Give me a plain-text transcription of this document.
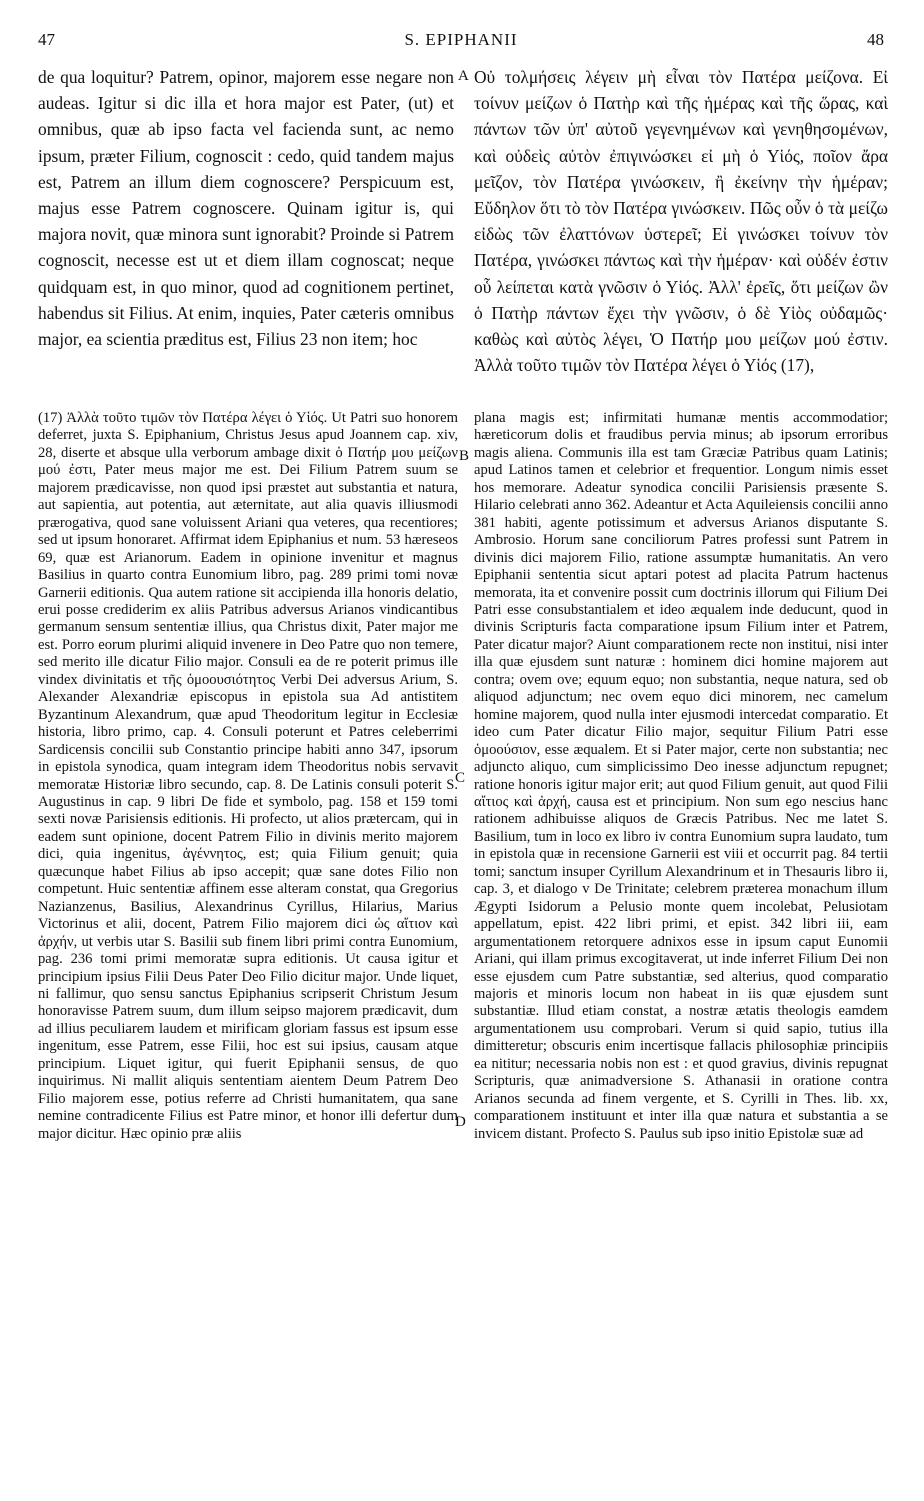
47	S. EPIPHANII	48

de qua loquitur? Patrem, opinor, majorem esse negare non audeas. Igitur si dic illa et hora major est Pater, (ut) et omnibus, quæ ab ipso facta vel facienda sunt, ac nemo ipsum, præter Filium, cognoscit : cedo, quid tandem majus est, Patrem an illum diem cognoscere? Perspicuum est, majus esse Patrem cognoscere. Quinam igitur is, qui majora novit, quæ minora sunt ignorabit? Proinde si Patrem cognoscit, necesse est ut et diem illam cognoscat; neque quidquam est, in quo minor, quod ad cognitionem pertinet, habendus sit Filius. At enim, inquies, Pater cæteris omnibus major, ea scientia præditus est, Filius 23 non item; hoc

Οὐ τολμήσεις λέγειν μὴ εἶναι τὸν Πατέρα μείζονα. Εἰ τοίνυν μείζων ὁ Πατὴρ καὶ τῆς ἡμέρας καὶ τῆς ὥρας, καὶ πάντων τῶν ὑπ' αὐτοῦ γεγενημένων καὶ γενηθησομένων, καὶ οὐδεὶς αὐτὸν ἐπιγινώσκει εἰ μὴ ὁ Υἱός, ποῖον ἄρα μεῖζον, τὸν Πατέρα γινώσκειν, ἢ ἐκείνην τὴν ἡμέραν; Εὔδηλον ὅτι τὸ τὸν Πατέρα γινώσκειν. Πῶς οὖν ὁ τὰ μείζω εἰδὼς τῶν ἐλαττόνων ὑστερεῖ; Εἰ γινώσκει τοίνυν τὸν Πατέρα, γινώσκει πάντως καὶ τὴν ἡμέραν· καὶ οὐδέν ἐστιν οὗ λείπεται κατὰ γνῶσιν ὁ Υἱός. Ἀλλ' ἐρεῖς, ὅτι μείζων ὢν ὁ Πατὴρ πάντων ἔχει τὴν γνῶσιν, ὁ δὲ Υἱὸς οὐδαμῶς· καθὼς καὶ αὐτὸς λέγει, Ὁ Πατήρ μου μείζων μού ἐστιν. Ἀλλὰ τοῦτο τιμῶν τὸν Πατέρα λέγει ὁ Υἱός (17),

A
B
C
D

(17) Ἀλλὰ τοῦτο τιμῶν τὸν Πατέρα λέγει ὁ Υἱός. Ut Patri suo honorem deferret, juxta S. Epiphanium, Christus Jesus apud Joannem cap. xiv, 28, diserte et absque ulla verborum ambage dixit ὁ Πατήρ μου μείζων μού ἐστι, Pater meus major me est. Dei Filium Patrem suum se majorem prædicavisse, non quod ipsi præstet aut substantia et natura, aut sapientia, aut potentia, aut æternitate, aut alia quavis illiusmodi prærogativa, quod sane voluissent Ariani qua veteres, qua recentiores; sed ut ipsum honoraret. Affirmat idem Epiphanius et num. 53 hæreseos 69, quæ est Arianorum. Eadem in opinione invenitur et magnus Basilius in quarto contra Eunomium libro, pag. 289 primi tomi novæ Garnerii editionis. Qua autem ratione sit accipienda illa honoris delatio, erui posse crediderim ex aliis Patribus adversus Arianos vindicantibus germanum sensum sententiæ illius, qua Christus dixit, Pater major me est. Porro eorum plurimi aliquid invenere in Deo Patre quo non temere, sed merito ille dicatur Filio major. Consuli ea de re poterit primus ille vindex divinitatis et τῆς ὁμοουσιότητος Verbi Dei adversus Arium, S. Alexander Alexandriæ episcopus in epistola sua Ad antistitem Byzantinum Alexandrum, quæ apud Theodoritum legitur in Ecclesiæ historia, libro primo, cap. 4. Consuli poterunt et Patres celeberrimi Sardicensis concilii sub Constantio principe habiti anno 347, ipsorum in epistola synodica, quam integram idem Theodoritus nobis servavit memoratæ Historiæ libro secundo, cap. 8. De Latinis consuli poterit S. Augustinus in cap. 9 libri De fide et symbolo, pag. 158 et 159 tomi sexti novæ Parisiensis editionis. Hi profecto, ut alios prætercam, qui in eadem sunt opinione, docent Patrem Filio in divinis merito majorem dici, quia ingenitus, ἀγέννητος, est; quia Filium genuit; quia quæcunque habet Filius ab ipso accepit; quæ sane dotes Filio non competunt. Huic sententiæ affinem esse alteram constat, qua Gregorius Nazianzenus, Basilius, Alexandrinus Cyrillus, Hilarius, Marius Victorinus et alii, docent, Patrem Filio majorem dici ὡς αἴτιον καὶ ἀρχήν, ut verbis utar S. Basilii sub finem libri primi contra Eunomium, pag. 236 tomi primi memoratæ supra editionis. Ut causa igitur et principium ipsius Filii Deus Pater Deo Filio dicitur major. Unde liquet, ni fallimur, quo sensu sanctus Epiphanius scripserit Christum Jesum honoravisse Patrem suum, dum illum seipso majorem prædicavit, dum ad illius peculiarem laudem et mirificam gloriam fassus est ipsum esse ingenitum, esse Patrem, esse Filii, hoc est sui ipsius, causam atque principium. Liquet igitur, qui fuerit Epiphanii sensus, de quo inquirimus. Ni mallit aliquis sententiam aientem Deum Patrem Deo Filio majorem esse, potius referre ad Christi humanitatem, qua sane nemine contradicente Filius est Patre minor, et honor illi defertur dum major dicitur. Hæc opinio præ aliis

plana magis est; infirmitati humanæ mentis accommodatior; hæreticorum dolis et fraudibus pervia minus; ab ipsorum erroribus magis aliena. Communis illa est tam Græciæ Patribus quam Latinis; apud Latinos tamen et celebrior et frequentior. Longum nimis esset hos memorare. Adeatur synodica concilii Parisiensis præsente S. Hilario celebrati anno 362. Adeantur et Acta Aquileiensis concilii anno 381 habiti, agente potissimum et adversus Arianos disputante S. Ambrosio. Horum sane conciliorum Patres professi sunt Patrem in divinis dici majorem Filio, ratione assumptæ humanitatis. An vero Epiphanii sententia sicut aptari potest ad placita Patrum hactenus memorata, ita et convenire possit cum doctrinis illorum qui Filium Dei Patri esse consubstantialem et ideo æqualem inde deducunt, quod in divinis Scripturis facta comparatione ipsum Filium inter et Patrem, Pater dicatur major? Aiunt comparationem recte non institui, nisi inter illa quæ ejusdem sunt naturæ : hominem dici homine majorem aut contra; ovem ove; equum equo; non substantia, neque natura, sed ob aliquod adjunctum; nec ovem equo dici minorem, nec camelum homine majorem, quod nulla inter ejusmodi intercedat comparatio. Et ideo cum Pater dicatur Filio major, sequitur Filium Patri esse ὁμοούσιον, esse æqualem. Et si Pater major, certe non substantia; nec adjuncto aliquo, cum simplicissimo Deo inesse adjunctum repugnet; ratione honoris igitur major erit; aut quod Filium genuit, aut quod Filii αἴτιος καὶ ἀρχή, causa est et principium. Non sum ego nescius hanc rationem adhibuisse aliquos de Græcis Patribus. Nec me latet S. Basilium, tum in loco ex libro iv contra Eunomium supra laudato, tum in epistola quæ in recensione Garnerii est viii et occurrit pag. 84 tertii tomi; sanctum insuper Cyrillum Alexandrinum et in Thesauris libro ii, cap. 3, et dialogo v De Trinitate; celebrem præterea monachum illum Ægypti Isidorum a Pelusio monte quem incolebat, Pelusiotam appellatum, epist. 422 libri primi, et epist. 342 libri iii, eam argumentationem retorquere adnixos esse in ipsum caput Eunomii Ariani, qui illam primus excogitaverat, ut inde inferret Filium Dei non esse ejusdem cum Patre substantiæ, sed alterius, quod comparatio majoris et minoris locum non habeat in iis quæ ejusdem sunt substantiæ. Illud etiam constat, a nostræ ætatis theologis eamdem argumentationem usu comprobari. Verum si quid sapio, tutius illa dimitteretur; obscuris enim incertisque fallacis philosophiæ principiis ea nititur; necessaria nobis non est : et quod gravius, divinis repugnat Scripturis, quæ animadversione S. Athanasii in oratione contra Arianos secunda ad finem vergente, et S. Cyrilli in Thes. lib. xx, comparationem instituunt et inter illa quæ natura et substantia a se invicem distant. Profecto S. Paulus sub ipso initio Epistolæ suæ ad
